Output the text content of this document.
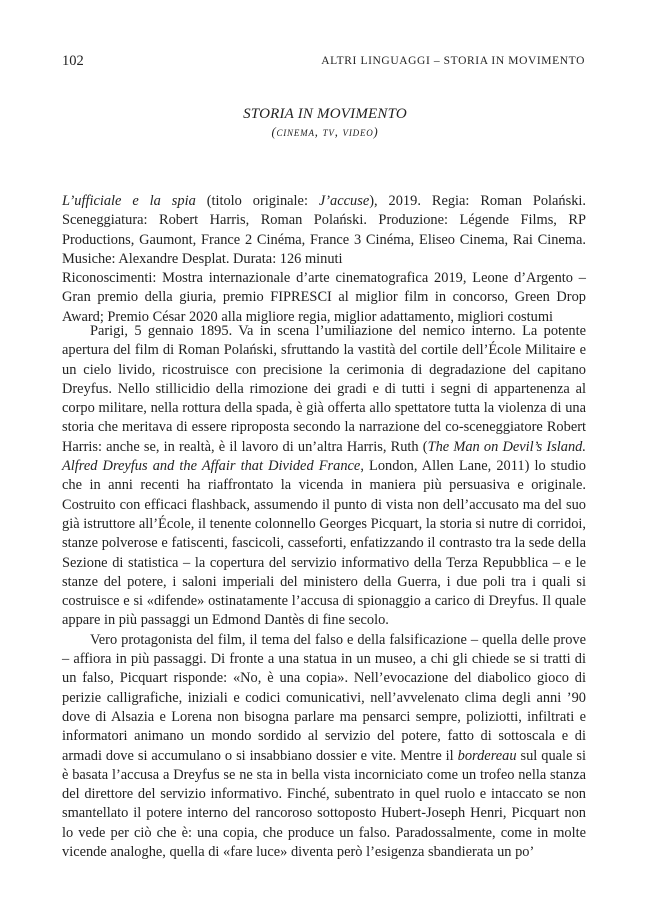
102	ALTRI LINGUAGGI – STORIA IN MOVIMENTO
STORIA IN MOVIMENTO
(cinema, tv, video)

L’ufficiale e la spia (titolo originale: J’accuse), 2019. Regia: Roman Polański. Sceneggiatura: Robert Harris, Roman Polański. Produzione: Légende Films, RP Productions, Gaumont, France 2 Cinéma, France 3 Cinéma, Eliseo Cinema, Rai Cinema. Musiche: Alexandre Desplat. Durata: 126 minuti

Riconoscimenti: Mostra internazionale d’arte cinematografica 2019, Leone d’Argento – Gran premio della giuria, premio FIPRESCI al miglior film in concorso, Green Drop Award; Premio César 2020 alla migliore regia, miglior adattamento, migliori costumi

Parigi, 5 gennaio 1895. Va in scena l’umiliazione del nemico interno. La potente apertura del film di Roman Polański, sfruttando la vastità del cortile dell’École Militaire e un cielo livido, ricostruisce con precisione la cerimonia di degradazione del capitano Dreyfus. Nello stillicidio della rimozione dei gradi e di tutti i segni di appartenenza al corpo militare, nella rottura della spada, è già offerta allo spettatore tutta la violenza di una storia che meritava di essere riproposta secondo la narrazione del co-sceneggiatore Robert Harris: anche se, in realtà, è il lavoro di un’altra Harris, Ruth (The Man on Devil’s Island. Alfred Dreyfus and the Affair that Divided France, London, Allen Lane, 2011) lo studio che in anni recenti ha riaffrontato la vicenda in maniera più persuasiva e originale. Costruito con efficaci flashback, assumendo il punto di vista non dell’accusato ma del suo già istruttore all’École, il tenente colonnello Georges Picquart, la storia si nutre di corridoi, stanze polverose e fatiscenti, fascicoli, casseforti, enfatizzando il contrasto tra la sede della Sezione di statistica – la copertura del servizio informativo della Terza Repubblica – e le stanze del potere, i saloni imperiali del ministero della Guerra, i due poli tra i quali si costruisce e si «difende» ostinatamente l’accusa di spionaggio a carico di Dreyfus. Il quale appare in più passaggi un Edmond Dantès di fine secolo.

Vero protagonista del film, il tema del falso e della falsificazione – quella delle prove – affiora in più passaggi. Di fronte a una statua in un museo, a chi gli chiede se si tratti di un falso, Picquart risponde: «No, è una copia». Nell’evocazione del diabolico gioco di perizie calligrafiche, iniziali e codici comunicativi, nell’avvelenato clima degli anni ’90 dove di Alsazia e Lorena non bisogna parlare ma pensarci sempre, poliziotti, infiltrati e informatori animano un mondo sordido al servizio del potere, fatto di sottoscala e di armadi dove si accumulano o si insabbiano dossier e vite. Mentre il bordereau sul quale si è basata l’accusa a Dreyfus se ne sta in bella vista incorniciato come un trofeo nella stanza del direttore del servizio informativo. Finché, subentrato in quel ruolo e intaccato se non smantellato il potere interno del rancoroso sottoposto Hubert-Joseph Henri, Picquart non lo vede per ciò che è: una copia, che produce un falso. Paradossalmente, come in molte vicende analoghe, quella di «fare luce» diventa però l’esigenza sbandierata un po’
